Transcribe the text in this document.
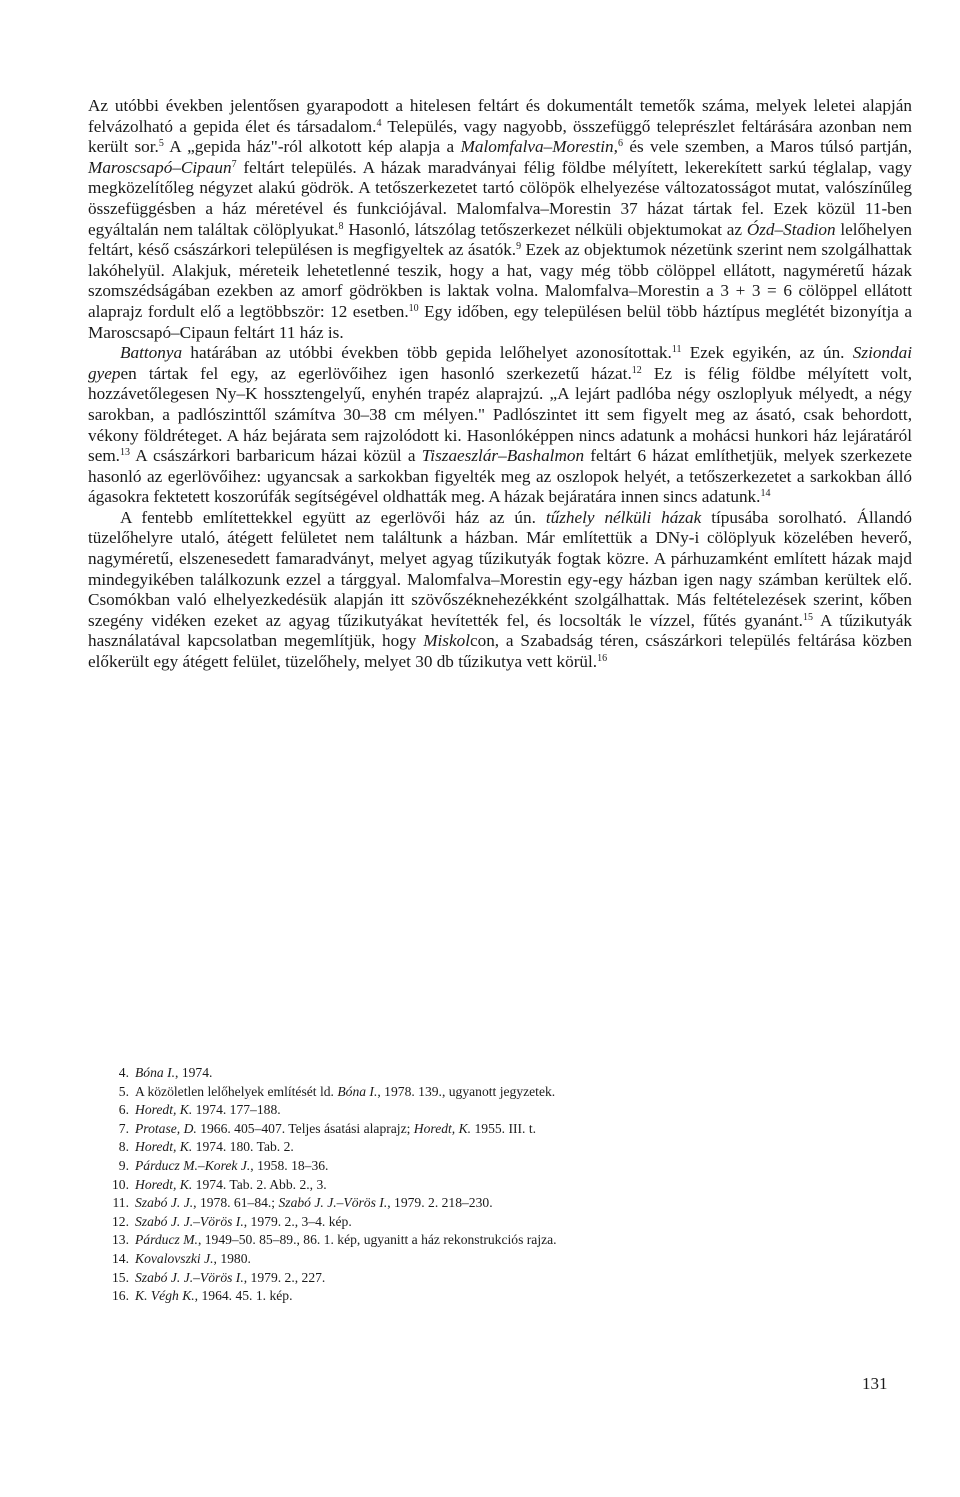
Az utóbbi években jelentősen gyarapodott a hitelesen feltárt és dokumentált temetők száma, melyek leletei alapján felvázolható a gepida élet és társadalom.$^4$ Település, vagy nagyobb, összefüggő teleprészlet feltárására azonban nem került sor.$^5$ A „gepida ház"-ról alkotott kép alapja a Malomfalva–Morestin,$^6$ és vele szemben, a Maros túlsó partján, Maroscsapó–Cipaun$^7$ feltárt település. A házak maradványai félig földbe mélyített, lekerekített sarkú téglalap, vagy megközelítőleg négyzet alakú gödrök. A tetőszerkezetet tartó cölöpök elhelyezése változatosságot mutat, valószínűleg összefüggésben a ház méretével és funkciójával. Malomfalva–Morestin 37 házat tártak fel. Ezek közül 11-ben egyáltalán nem találtak cölöplyukat.$^8$ Hasonló, látszólag tetőszerkezet nélküli objektumokat az Ózd–Stadion lelőhelyen feltárt, késő császárkori településen is megfigyeltek az ásatók.$^9$ Ezek az objektumok nézetünk szerint nem szolgálhattak lakóhelyül. Alakjuk, méreteik lehetetlenné teszik, hogy a hat, vagy még több cölöppel ellátott, nagyméretű házak szomszédságában ezekben az amorf gödrökben is laktak volna. Malomfalva–Morestin a 3 + 3 = 6 cölöppel ellátott alaprajz fordult elő a legtöbbször: 12 esetben.$^{10}$ Egy időben, egy településen belül több háztípus meglétét bizonyítja a Maroscsapó–Cipaun feltárt 11 ház is.

Battonya határában az utóbbi években több gepida lelőhelyet azonosítottak.$^{11}$ Ezek egyikén, az ún. Sziondai gyepen tártak fel egy, az egerlövőihez igen hasonló szerkezetű házat.$^{12}$ Ez is félig földbe mélyített volt, hozzávetőlegesen Ny–K hossztengelyű, enyhén trapéz alaprajzú. „A lejárt padlóba négy oszloplyuk mélyedt, a négy sarokban, a padlószinttől számítva 30–38 cm mélyen." Padlószintet itt sem figyelt meg az ásató, csak behordott, vékony földréteget. A ház bejárata sem rajzolódott ki. Hasonlóképpen nincs adatunk a mohácsi hunkori ház lejáratáról sem.$^{13}$ A császárkori barbaricum házai közül a Tiszaeszlár–Bashalmon feltárt 6 házat említhetjük, melyek szerkezete hasonló az egerlövőihez: ugyancsak a sarkokban figyelték meg az oszlopok helyét, a tetőszerkezetet a sarkokban álló ágasokra fektetett koszorúfák segítségével oldhatták meg. A házak bejáratára innen sincs adatunk.$^{14}$

A fentebb említettekkel együtt az egerlövői ház az ún. tűzhely nélküli házak típusába sorolható. Állandó tüzelőhelyre utaló, átégett felületet nem találtunk a házban. Már említettük a DNy-i cölöplyuk közelében heverő, nagyméretű, elszenesedett famaradványt, melyet agyag tűzikutyák fogtak közre. A párhuzamként említett házak majd mindegyikében találkozunk ezzel a tárggyal. Malomfalva–Morestin egy-egy házban igen nagy számban kerültek elő. Csomókban való elhelyezkedésük alapján itt szövőszéknehezékként szolgálhattak. Más feltételezések szerint, kőben szegény vidéken ezeket az agyag tűzikutyákat hevítették fel, és locsolták le vízzel, fűtés gyanánt.$^{15}$ A tűzikutyák használatával kapcsolatban megemlítjük, hogy Miskolcon, a Szabadság téren, császárkori település feltárása közben előkerült egy átégett felület, tüzelőhely, melyet 30 db tűzikutya vett körül.$^{16}$

4. Bóna I., 1974.
5. A közöletlen lelőhelyek említését ld. Bóna I., 1978. 139., ugyanott jegyzetek.
6. Horedt, K. 1974. 177–188.
7. Protase, D. 1966. 405–407. Teljes ásatási alaprajz; Horedt, K. 1955. III. t.
8. Horedt, K. 1974. 180. Tab. 2.
9. Párducz M.–Korek J., 1958. 18–36.
10. Horedt, K. 1974. Tab. 2. Abb. 2., 3.
11. Szabó J. J., 1978. 61–84.; Szabó J. J.–Vörös I., 1979. 2. 218–230.
12. Szabó J. J.–Vörös I., 1979. 2., 3–4. kép.
13. Párducz M., 1949–50. 85–89., 86. 1. kép, ugyanitt a ház rekonstrukciós rajza.
14. Kovalovszki J., 1980.
15. Szabó J. J.–Vörös I., 1979. 2., 227.
16. K. Végh K., 1964. 45. 1. kép.
131
